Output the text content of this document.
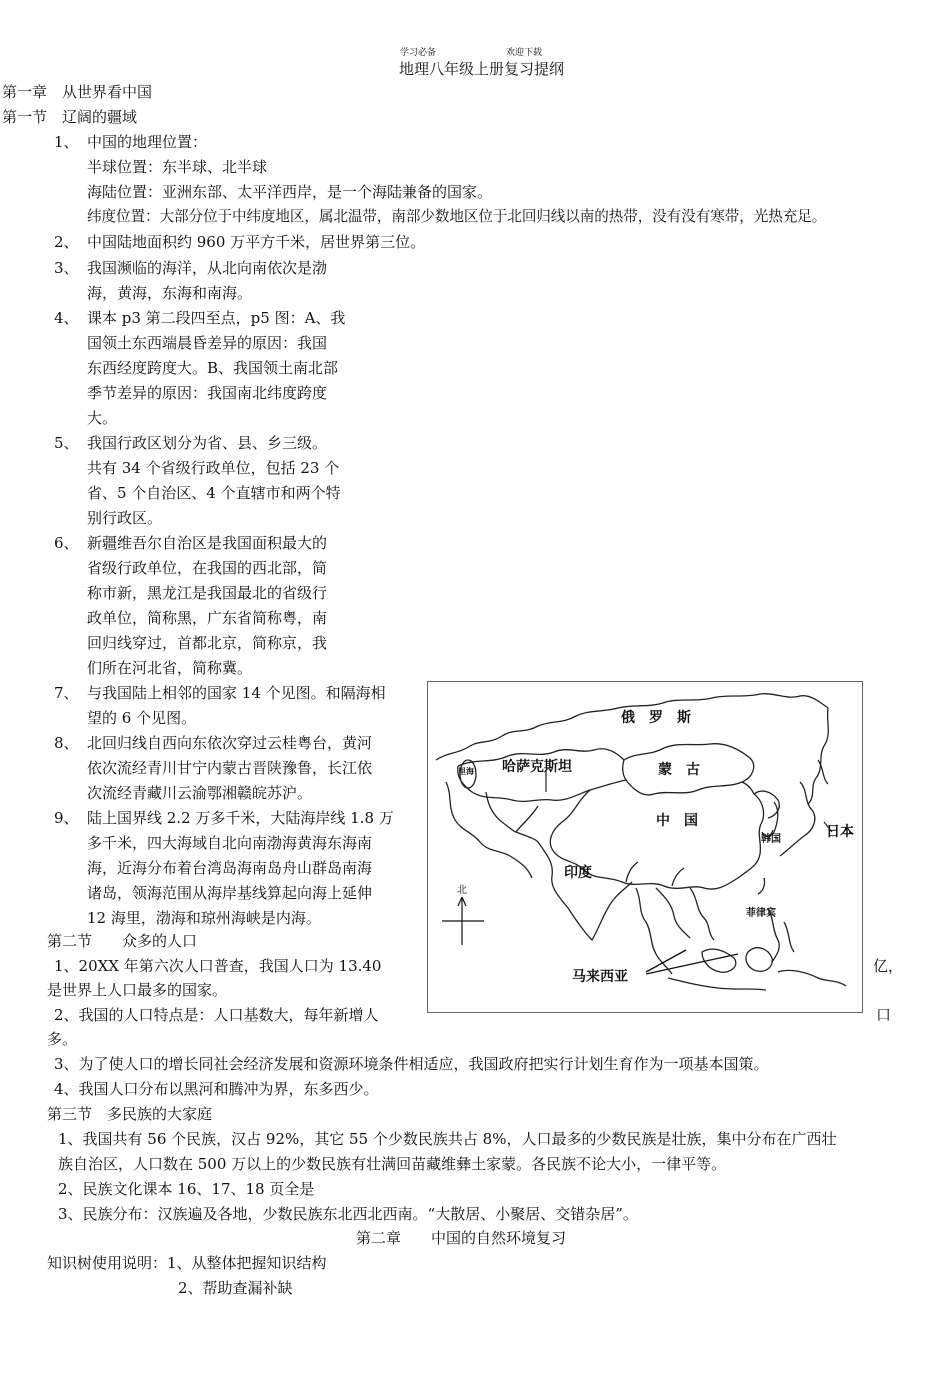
学习必备	欢迎下载
地理八年级上册复习提纲
第一章　从世界看中国
第一节　辽阔的疆域
1、 中国的地理位置：
半球位置：东半球、北半球
海陆位置：亚洲东部、太平洋西岸，是一个海陆兼备的国家。
纬度位置：大部分位于中纬度地区，属北温带，南部少数地区位于北回归线以南的热带，没有没有寒带，光热充足。
2、 中国陆地面积约 960 万平方千米，居世界第三位。
3、 我国濒临的海洋，从北向南依次是渤
海，黄海，东海和南海。
4、 课本 p3 第二段四至点，p5 图：A、我
国领土东西端晨昏差异的原因：我国
东西经度跨度大。B、我国领土南北部
季节差异的原因：我国南北纬度跨度
大。
5、 我国行政区划分为省、县、乡三级。
共有 34 个省级行政单位，包括 23 个
省、5 个自治区、4 个直辖市和两个特
别行政区。
6、 新疆维吾尔自治区是我国面积最大的
省级行政单位，在我国的西北部，简
称市新，黑龙江是我国最北的省级行
政单位，简称黑，广东省简称粤，南
回归线穿过，首都北京，简称京，我
们所在河北省，简称冀。
7、 与我国陆上相邻的国家 14 个见图。和隔海相
望的 6 个见图。
8、 北回归线自西向东依次穿过云桂粤台，黄河
依次流经青川甘宁内蒙古晋陕豫鲁，长江依
次流经青藏川云渝鄂湘赣皖苏沪。
9、 陆上国界线 2.2 万多千米，大陆海岸线 1.8 万
多千米，四大海域自北向南渤海黄海东海南
海，近海分布着台湾岛海南岛舟山群岛南海
诸岛，领海范围从海岸基线算起向海上延伸
12 海里，渤海和琼州海峡是内海。
第二节　　众多的人口
1、20XX 年第六次人口普查，我国人口为 13.40	亿，
是世界上人口最多的国家。
2、我国的人口特点是：人口基数大，每年新增人	口
多。
3、为了使人口的增长同社会经济发展和资源环境条件相适应，我国政府把实行计划生育作为一项基本国策。
4、我国人口分布以黑河和腾冲为界，东多西少。
第三节　多民族的大家庭
1、我国共有 56 个民族，汉占 92%，其它 55 个少数民族共占 8%，人口最多的少数民族是壮族，集中分布在广西壮
族自治区，人口数在 500 万以上的少数民族有壮满回苗藏维彝土家蒙。各民族不论大小，一律平等。
2、民族文化课本 16、17、18 页全是
3、民族分布：汉族遍及各地，少数民族东北西北西南。“大散居、小聚居、交错杂居”。
第二章　　中国的自然环境复习
知识树使用说明：1、从整体把握知识结构
2、帮助查漏补缺
俄　罗　斯
哈萨克斯坦	蒙　古
中　国
韩国	日本
印度
菲律宾
马来西亚
北
里海
